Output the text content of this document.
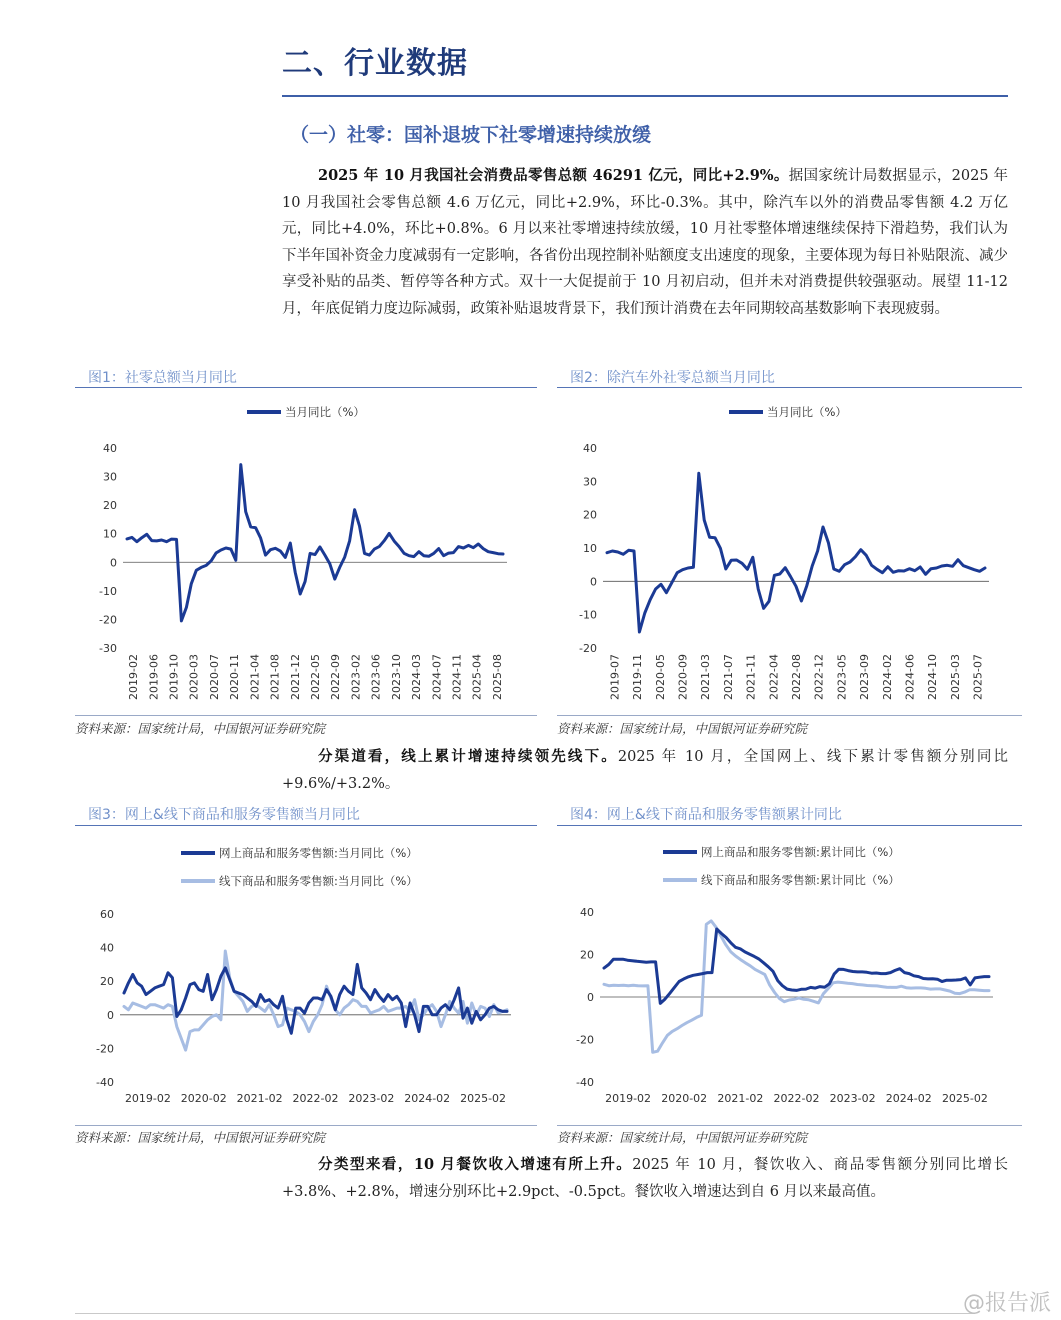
二、行业数据
（一）社零：国补退坡下社零增速持续放缓
2025 年 10 月我国社会消费品零售总额 46291 亿元，同比+2.9%。据国家统计局数据显示，2025 年 10 月我国社会零售总额 4.6 万亿元，同比+2.9%，环比-0.3%。其中，除汽车以外的消费品零售额 4.2 万亿元，同比+4.0%，环比+0.8%。6 月以来社零增速持续放缓，10 月社零整体增速继续保持下滑趋势，我们认为下半年国补资金力度减弱有一定影响，各省份出现控制补贴额度支出速度的现象，主要体现为每日补贴限流、减少享受补贴的品类、暂停等各种方式。双十一大促提前于 10 月初启动，但并未对消费提供较强驱动。展望 11-12 月，年底促销力度边际减弱，政策补贴退坡背景下，我们预计消费在去年同期较高基数影响下表现疲弱。
图1：社零总额当月同比
当月同比（%）
-30
-20
-10
0
10
20
30
40
2019-02 2019-06 2019-10 2020-03 2020-07 2020-11 2021-04 2021-08 2021-12 2022-05 2022-09 2023-02 2023-06 2023-10 2024-03 2024-07 2024-11 2025-04 2025-08
资料来源：国家统计局，中国银河证券研究院
图2：除汽车外社零总额当月同比
当月同比（%）
-20
-10
0
10
20
30
40
2019-07 2019-11 2020-05 2020-09 2021-03 2021-07 2021-11 2022-04 2022-08 2022-12 2023-05 2023-09 2024-02 2024-06 2024-10 2025-03 2025-07
资料来源：国家统计局，中国银河证券研究院
分渠道看，线上累计增速持续领先线下。2025 年 10 月，全国网上、线下累计零售额分别同比+9.6%/+3.2%。
图3：网上&线下商品和服务零售额当月同比
网上商品和服务零售额:当月同比（%）
线下商品和服务零售额:当月同比（%）
-40
-20
0
20
40
60
2019-02 2020-02 2021-02 2022-02 2023-02 2024-02 2025-02
资料来源：国家统计局，中国银河证券研究院
图4：网上&线下商品和服务零售额累计同比
网上商品和服务零售额:累计同比（%）
线下商品和服务零售额:累计同比（%）
-40
-20
0
20
40
2019-02 2020-02 2021-02 2022-02 2023-02 2024-02 2025-02
资料来源：国家统计局，中国银河证券研究院
分类型来看，10 月餐饮收入增速有所上升。2025 年 10 月，餐饮收入、商品零售额分别同比增长+3.8%、+2.8%，增速分别环比+2.9pct、-0.5pct。餐饮收入增速达到自 6 月以来最高值。
@报告派
